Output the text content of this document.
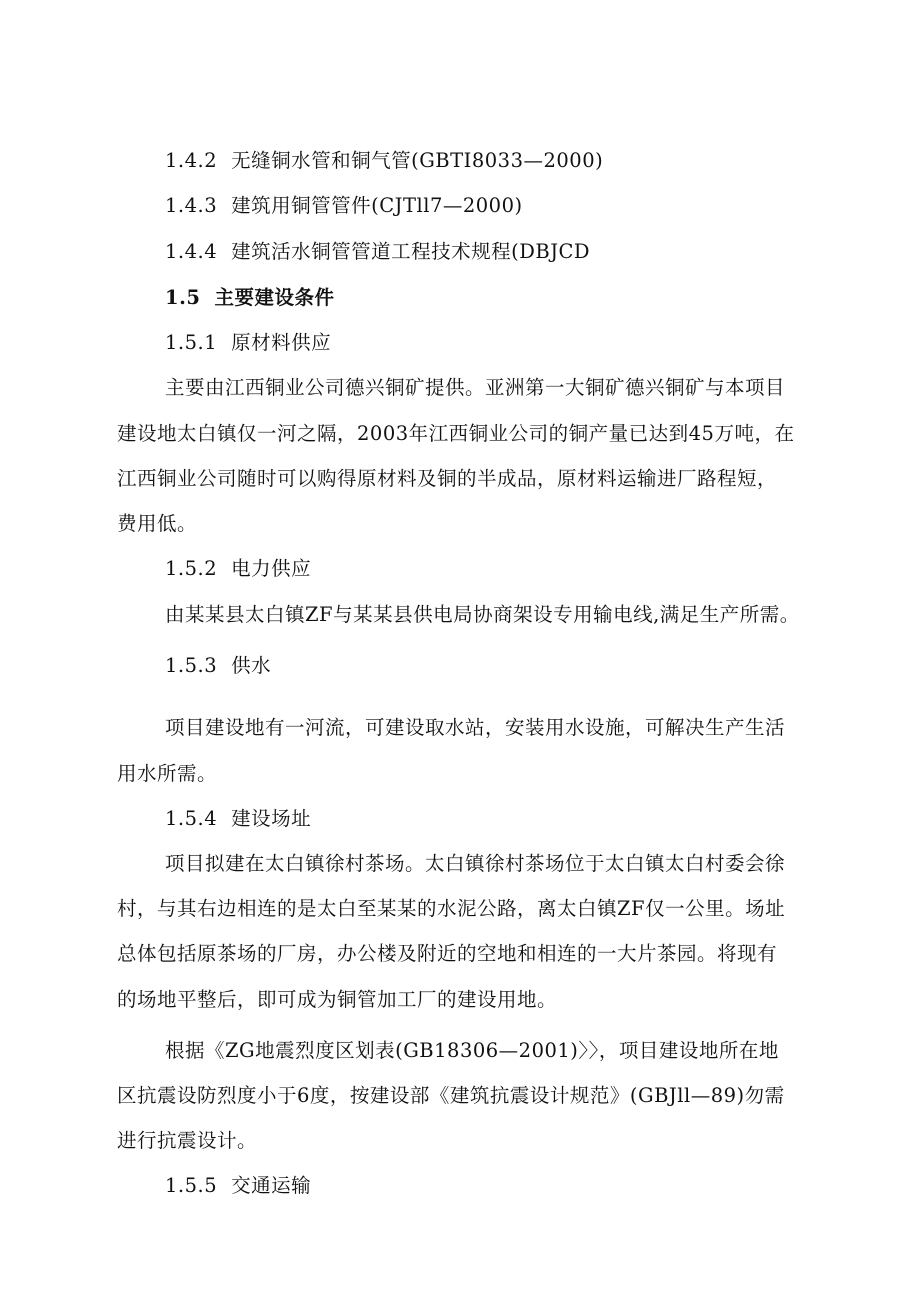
1.4.2 无缝铜水管和铜气管(GBTI8033—2000)
1.4.3 建筑用铜管管件(CJTll7—2000)
1.4.4 建筑活水铜管管道工程技术规程(DBJCD
1.5 主要建设条件
1.5.1 原材料供应
主要由江西铜业公司德兴铜矿提供。亚洲第一大铜矿德兴铜矿与本项目
建设地太白镇仅一河之隔，2003年江西铜业公司的铜产量已达到45万吨，在
江西铜业公司随时可以购得原材料及铜的半成品，原材料运输进厂路程短，
费用低。
1.5.2 电力供应
由某某县太白镇ZF与某某县供电局协商架设专用输电线,满足生产所需。
1.5.3 供水
项目建设地有一河流，可建设取水站，安装用水设施，可解决生产生活
用水所需。
1.5.4 建设场址
项目拟建在太白镇徐村茶场。太白镇徐村茶场位于太白镇太白村委会徐
村，与其右边相连的是太白至某某的水泥公路，离太白镇ZF仅一公里。场址
总体包括原茶场的厂房，办公楼及附近的空地和相连的一大片茶园。将现有
的场地平整后，即可成为铜管加工厂的建设用地。
根据《ZG地震烈度区划表(GB18306—2001)〉〉，项目建设地所在地
区抗震设防烈度小于6度，按建设部《建筑抗震设计规范》(GBJll—89)勿需
进行抗震设计。
1.5.5 交通运输
